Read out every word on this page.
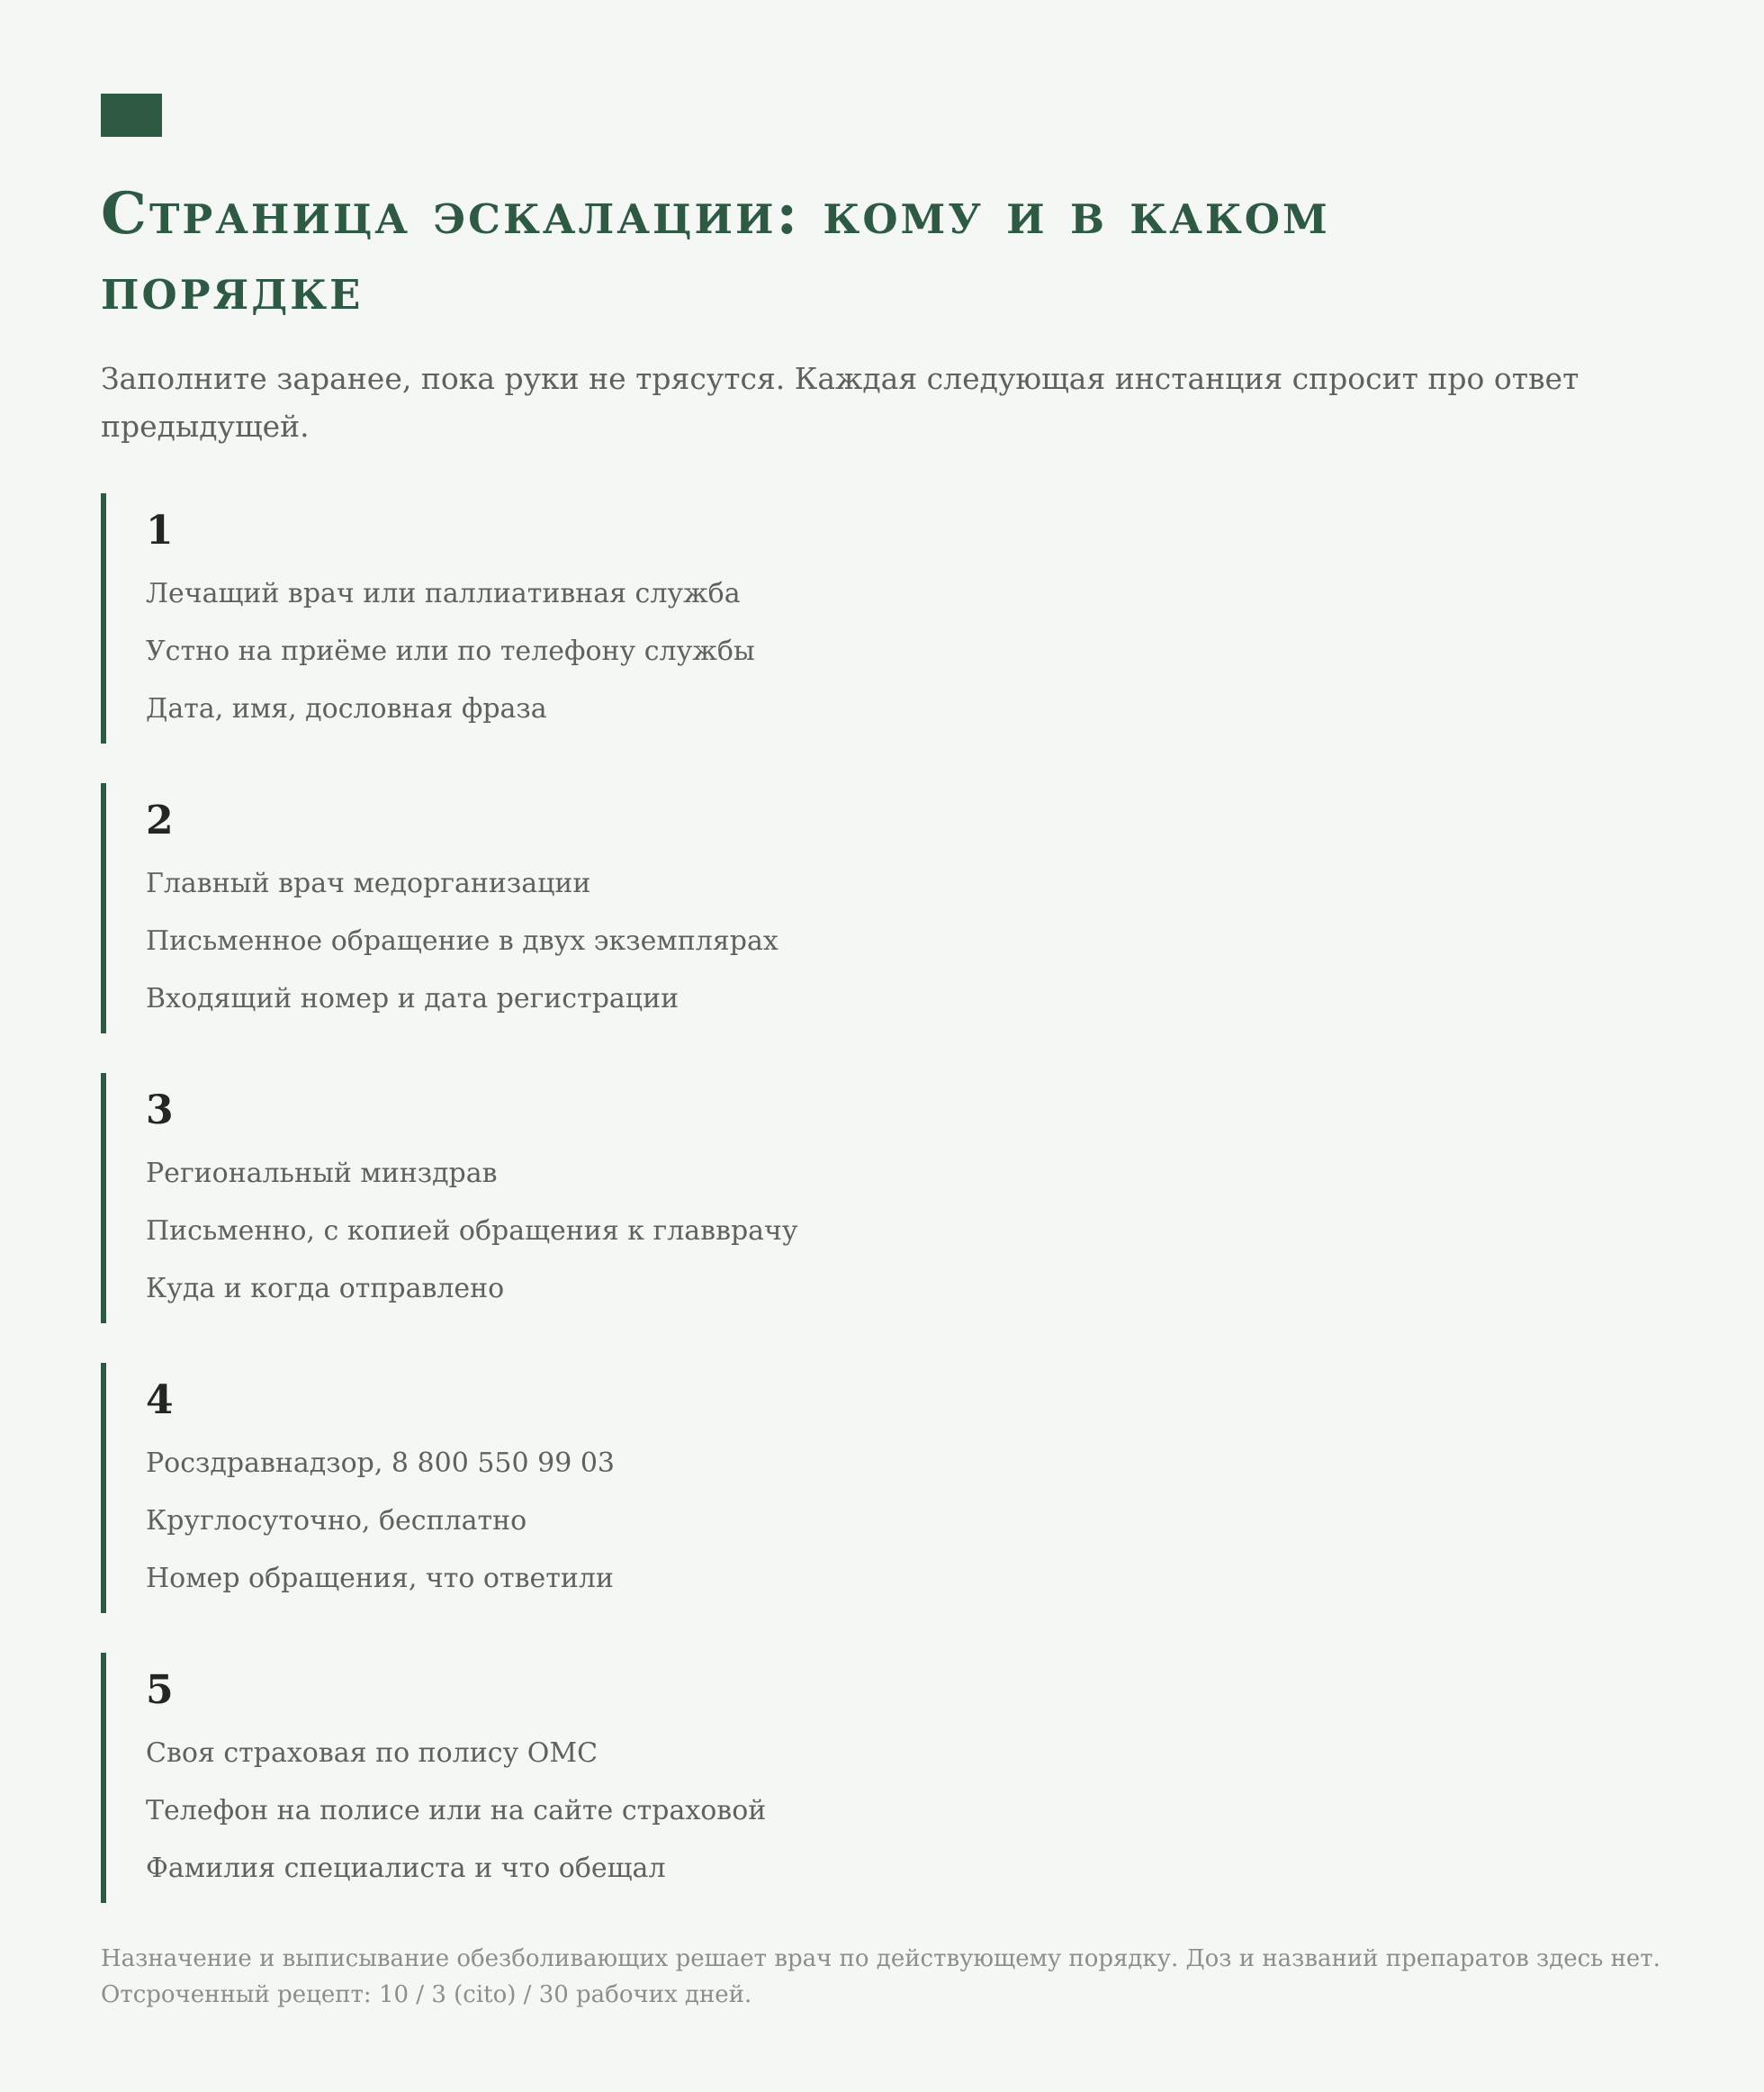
Страница эскалации: кому и в каком порядке

Заполните заранее, пока руки не трясутся. Каждая следующая инстанция спросит про ответ предыдущей.

1
Лечащий врач или паллиативная служба
Устно на приёме или по телефону службы
Дата, имя, дословная фраза
2
Главный врач медорганизации
Письменное обращение в двух экземплярах
Входящий номер и дата регистрации
3
Региональный минздрав
Письменно, с копией обращения к главврачу
Куда и когда отправлено
4
Росздравнадзор, 8 800 550 99 03
Круглосуточно, бесплатно
Номер обращения, что ответили
5
Своя страховая по полису ОМС
Телефон на полисе или на сайте страховой
Фамилия специалиста и что обещал

Назначение и выписывание обезболивающих решает врач по действующему порядку. Доз и названий препаратов здесь нет. Отсроченный рецепт: 10 / 3 (cito) / 30 рабочих дней.
